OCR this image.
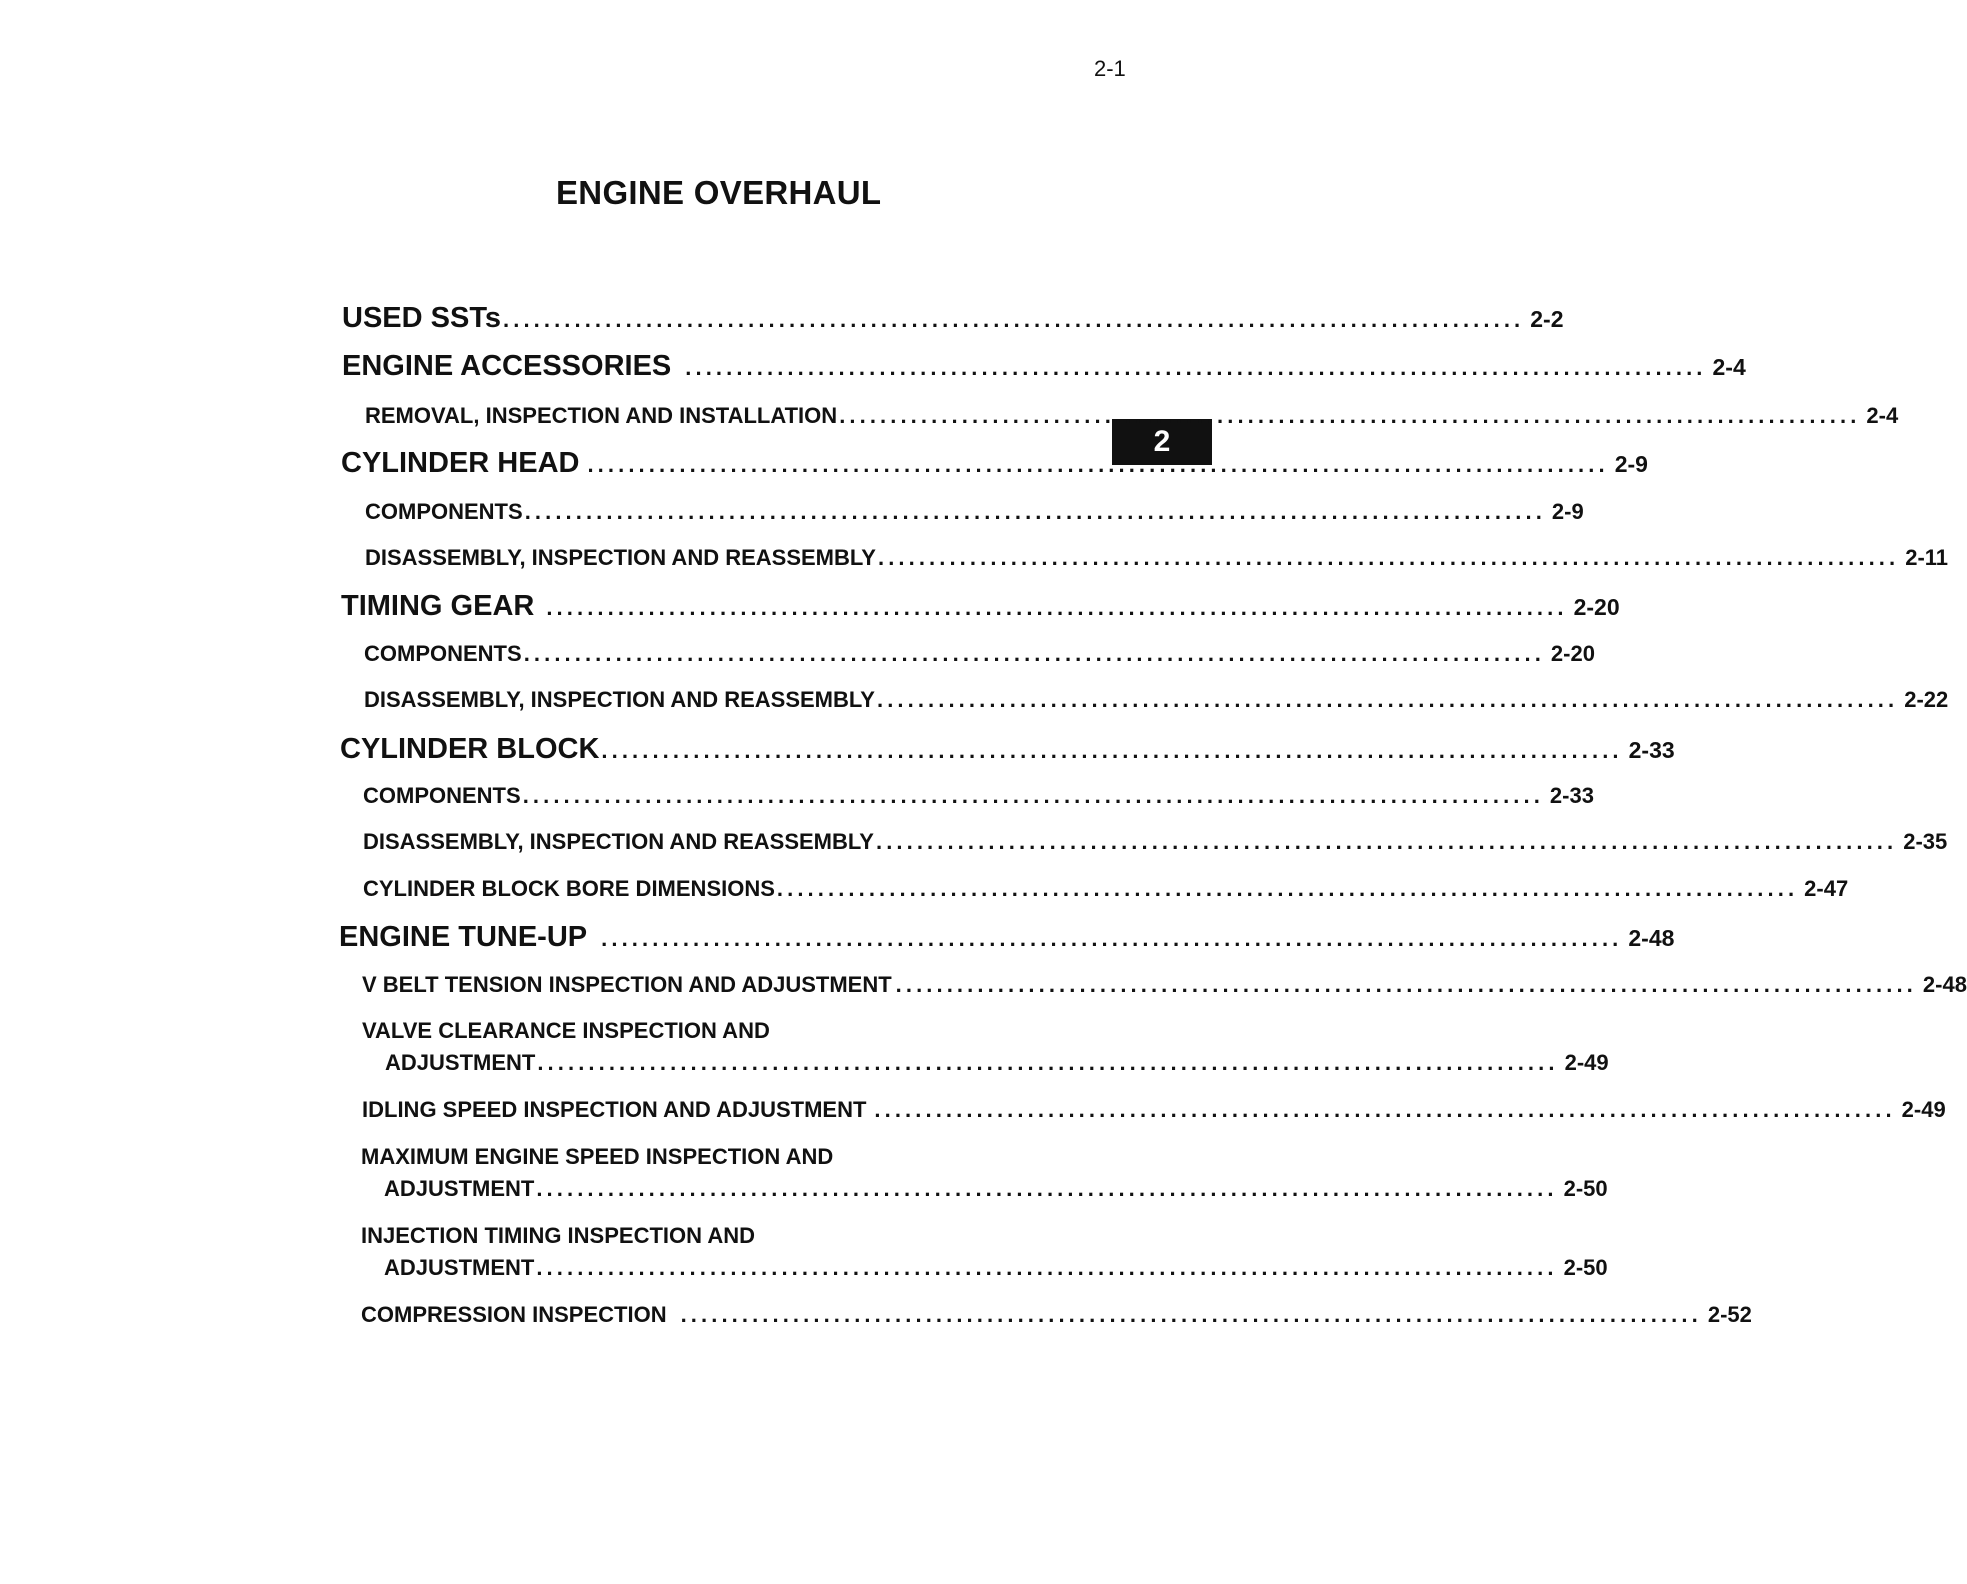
2-1
ENGINE OVERHAUL
2
USED SSTs .................................................................................................... 2-2
ENGINE ACCESSORIES .................................................................................................... 2-4
REMOVAL, INSPECTION AND INSTALLATION .................................................................................................... 2-4
CYLINDER HEAD .................................................................................................... 2-9
COMPONENTS .................................................................................................... 2-9
DISASSEMBLY, INSPECTION AND REASSEMBLY .................................................................................................... 2-11
TIMING GEAR .................................................................................................... 2-20
COMPONENTS .................................................................................................... 2-20
DISASSEMBLY, INSPECTION AND REASSEMBLY .................................................................................................... 2-22
CYLINDER BLOCK .................................................................................................... 2-33
COMPONENTS .................................................................................................... 2-33
DISASSEMBLY, INSPECTION AND REASSEMBLY .................................................................................................... 2-35
CYLINDER BLOCK BORE DIMENSIONS .................................................................................................... 2-47
ENGINE TUNE-UP .................................................................................................... 2-48
V BELT TENSION INSPECTION AND ADJUSTMENT .................................................................................................... 2-48
VALVE CLEARANCE INSPECTION AND
ADJUSTMENT .................................................................................................... 2-49
IDLING SPEED INSPECTION AND ADJUSTMENT .................................................................................................... 2-49
MAXIMUM ENGINE SPEED INSPECTION AND
ADJUSTMENT .................................................................................................... 2-50
INJECTION TIMING INSPECTION AND
ADJUSTMENT .................................................................................................... 2-50
COMPRESSION INSPECTION .................................................................................................... 2-52
